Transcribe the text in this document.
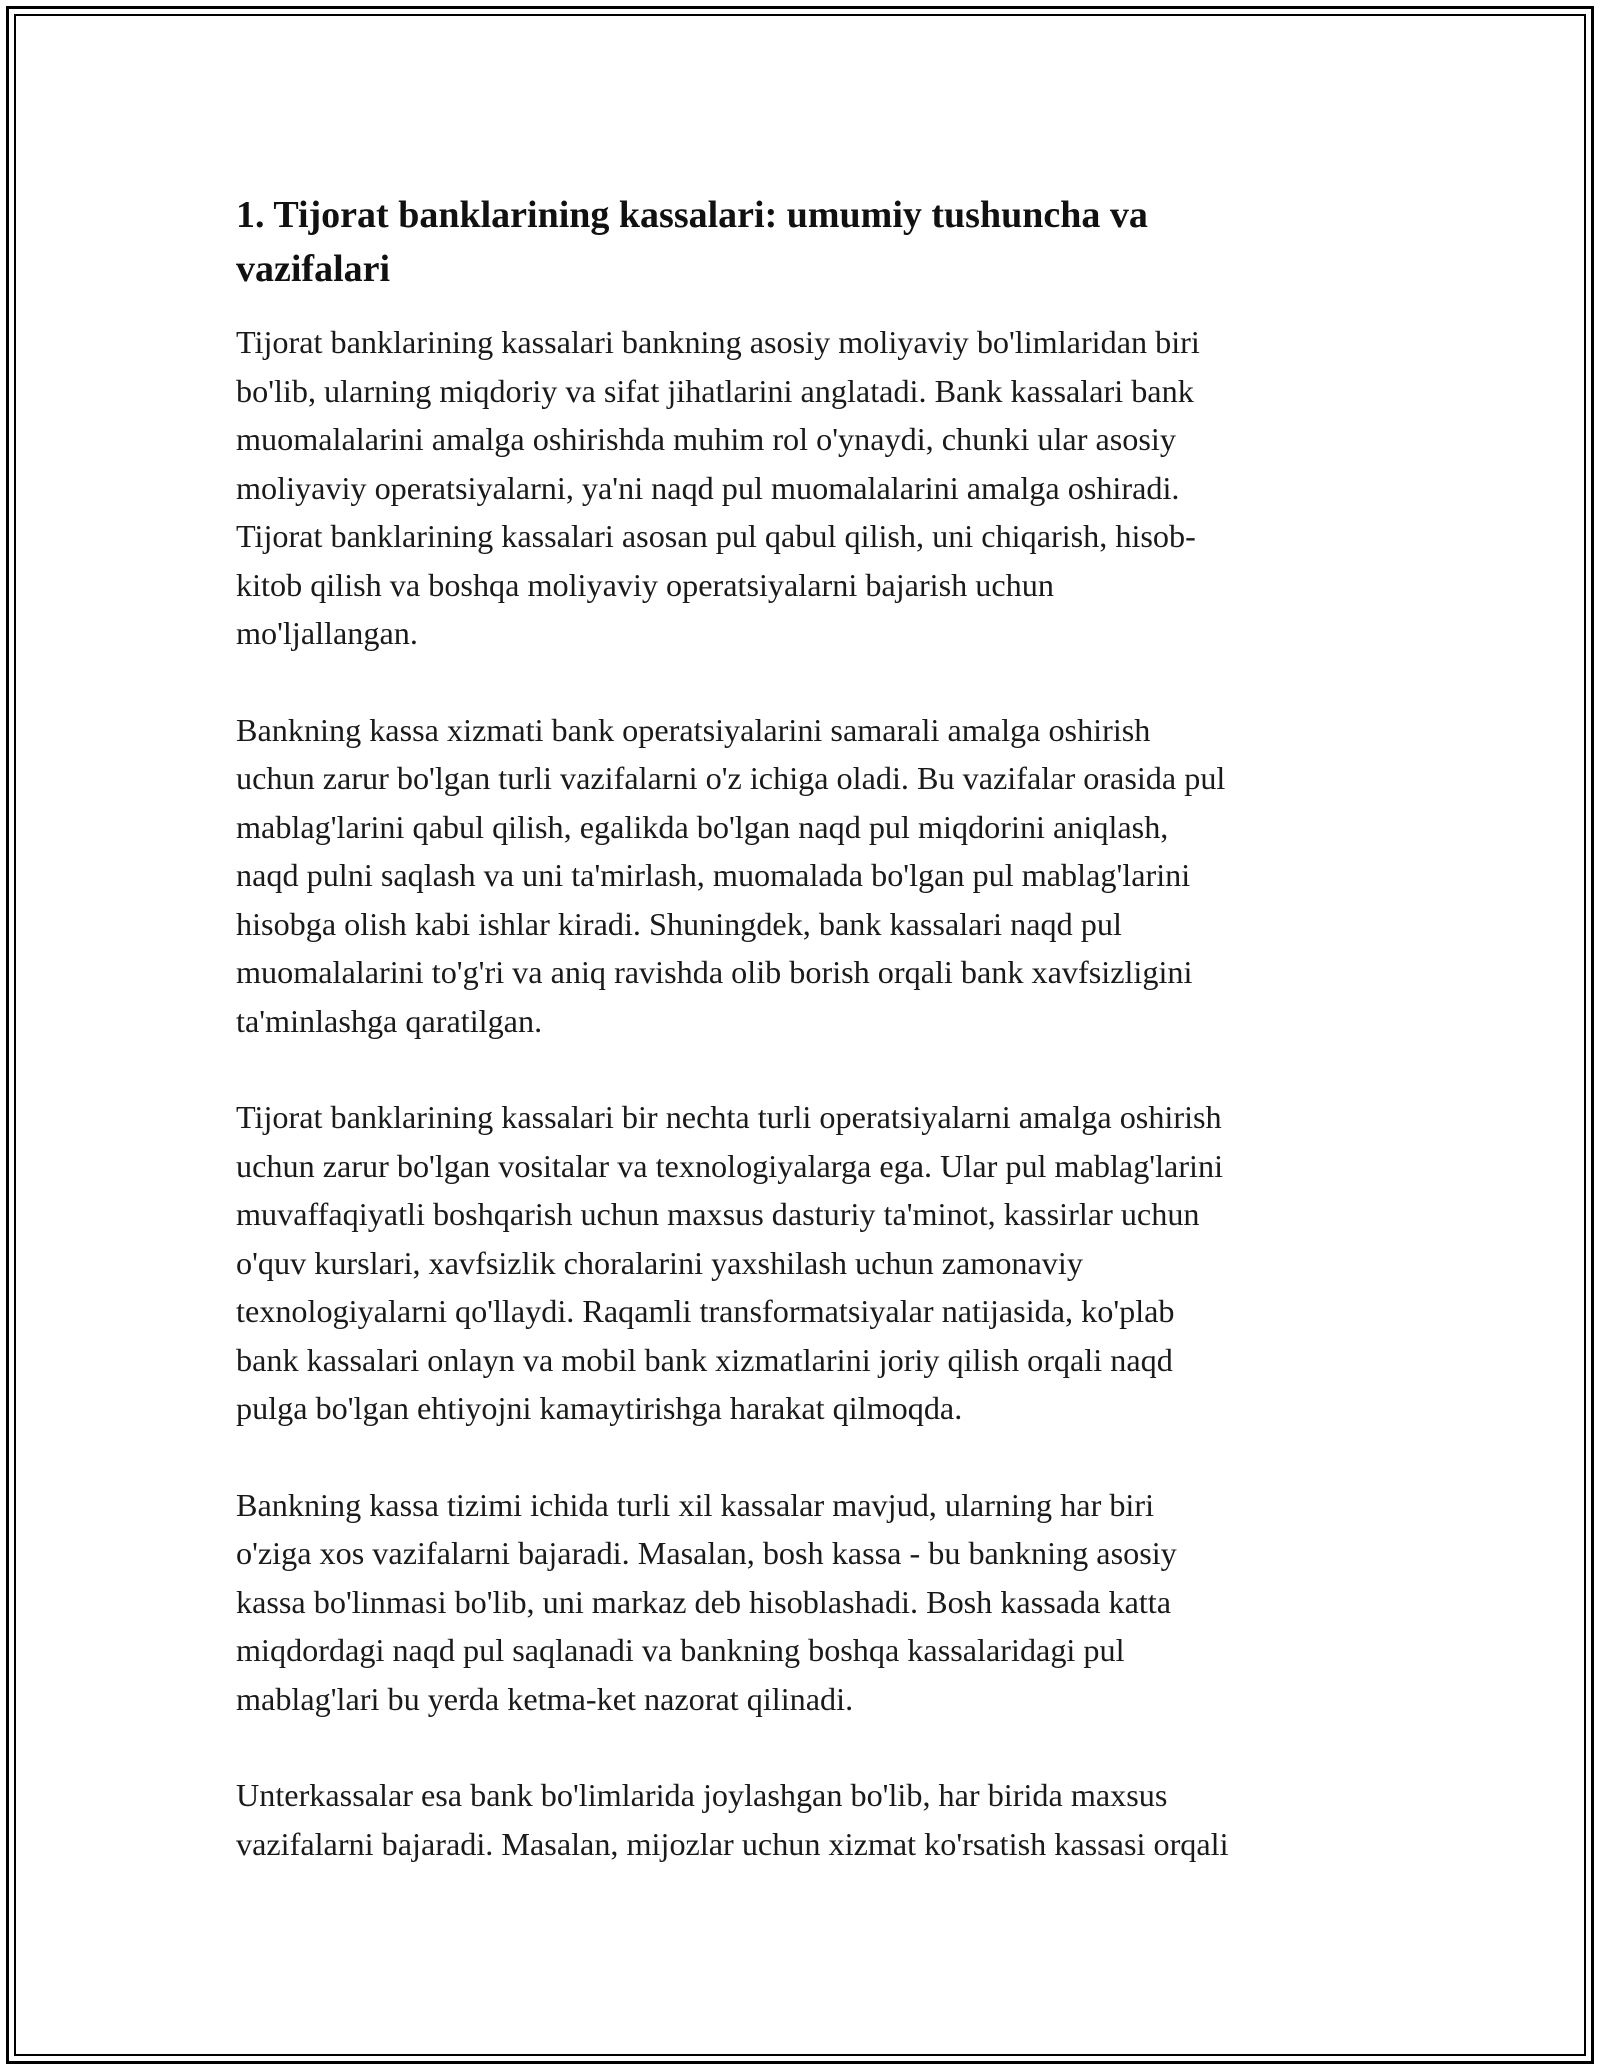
1. Tijorat banklarining kassalari: umumiy tushuncha va
vazifalari

Tijorat banklarining kassalari bankning asosiy moliyaviy bo'limlaridan biri
bo'lib, ularning miqdoriy va sifat jihatlarini anglatadi. Bank kassalari bank
muomalalarini amalga oshirishda muhim rol o'ynaydi, chunki ular asosiy
moliyaviy operatsiyalarni, ya'ni naqd pul muomalalarini amalga oshiradi.
Tijorat banklarining kassalari asosan pul qabul qilish, uni chiqarish, hisob-
kitob qilish va boshqa moliyaviy operatsiyalarni bajarish uchun
mo'ljallangan.

Bankning kassa xizmati bank operatsiyalarini samarali amalga oshirish
uchun zarur bo'lgan turli vazifalarni o'z ichiga oladi. Bu vazifalar orasida pul
mablag'larini qabul qilish, egalikda bo'lgan naqd pul miqdorini aniqlash,
naqd pulni saqlash va uni ta'mirlash, muomalada bo'lgan pul mablag'larini
hisobga olish kabi ishlar kiradi. Shuningdek, bank kassalari naqd pul
muomalalarini to'g'ri va aniq ravishda olib borish orqali bank xavfsizligini
ta'minlashga qaratilgan.

Tijorat banklarining kassalari bir nechta turli operatsiyalarni amalga oshirish
uchun zarur bo'lgan vositalar va texnologiyalarga ega. Ular pul mablag'larini
muvaffaqiyatli boshqarish uchun maxsus dasturiy ta'minot, kassirlar uchun
o'quv kurslari, xavfsizlik choralarini yaxshilash uchun zamonaviy
texnologiyalarni qo'llaydi. Raqamli transformatsiyalar natijasida, ko'plab
bank kassalari onlayn va mobil bank xizmatlarini joriy qilish orqali naqd
pulga bo'lgan ehtiyojni kamaytirishga harakat qilmoqda.

Bankning kassa tizimi ichida turli xil kassalar mavjud, ularning har biri
o'ziga xos vazifalarni bajaradi. Masalan, bosh kassa - bu bankning asosiy
kassa bo'linmasi bo'lib, uni markaz deb hisoblashadi. Bosh kassada katta
miqdordagi naqd pul saqlanadi va bankning boshqa kassalaridagi pul
mablag'lari bu yerda ketma-ket nazorat qilinadi.

Unterkassalar esa bank bo'limlarida joylashgan bo'lib, har birida maxsus
vazifalarni bajaradi. Masalan, mijozlar uchun xizmat ko'rsatish kassasi orqali
